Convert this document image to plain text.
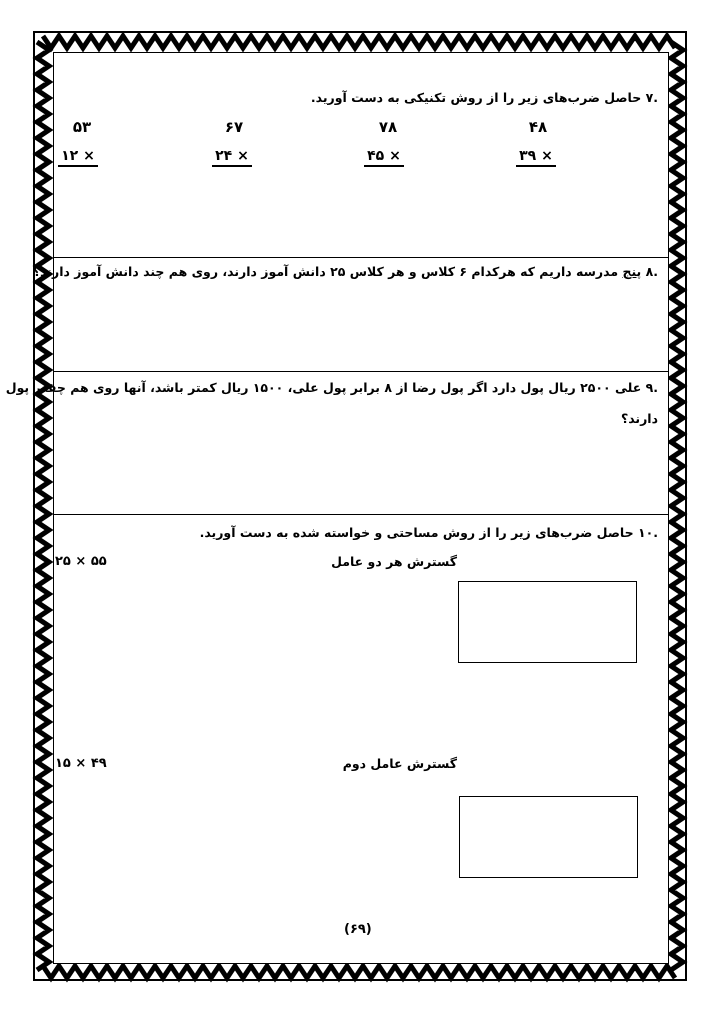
.۷ حاصل ضرب‌های زیر را از روش تکنیکی به دست آورید.
۴۸
۳۹ ×
۷۸
۴۵ ×
۶۷
۲۴ ×
۵۳
۱۲ ×
.۸ پنج مدرسه داریم که هرکدام ۶ کلاس و هر کلاس ۲۵ دانش آموز دارند، روی هم چند دانش آموز دارند؟
.۹ علی ۲۵۰۰ ریال پول دارد اگر پول رضا از ۸ برابر پول علی، ۱۵۰۰ ریال کمتر باشد، آنها روی هم چقدر پول
دارند؟
.۱۰ حاصل ضرب‌های زیر را از روش مساحتی و خواسته شده به دست آورید.
گسترش هر دو عامل
۲۵ × ۵۵
گسترش عامل دوم
۱۵ × ۴۹
(۶۹)
